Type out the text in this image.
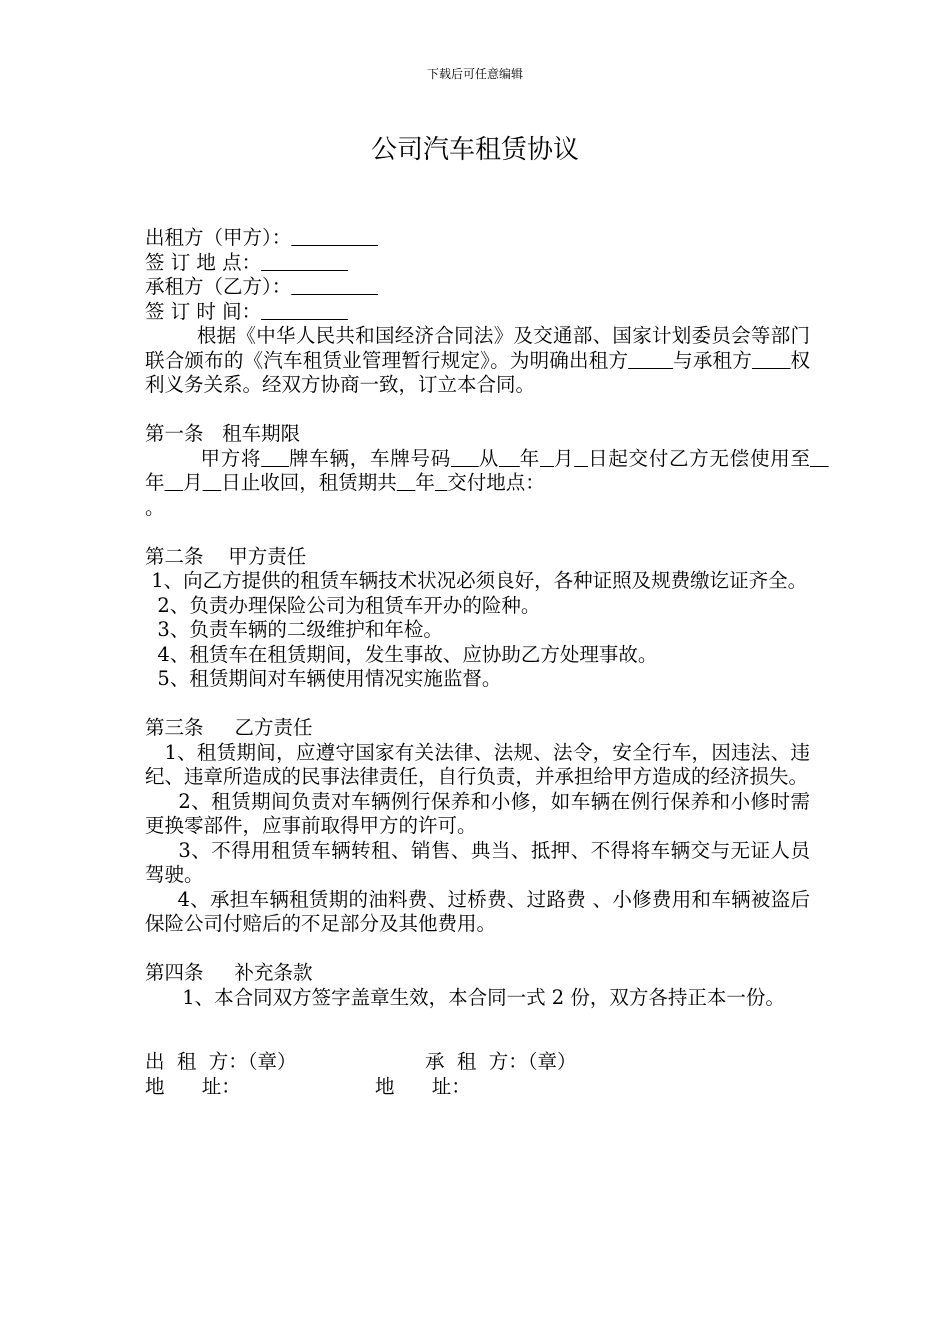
下载后可任意编辑
公司汽车租赁协议

出租方（甲方）：

签 订 地 点：

承租方（乙方）：

签 订 时 间：

根据《中华人民共和国经济合同法》及交通部、国家计划委员会等部门联合颁布的《汽车租赁业管理暂行规定》。为明确出租方 与承租方 权利义务关系。经双方协商一致，订立本合同。

第一条   租车期限

甲方将 牌车辆，车牌号码 从 年 月 日起交付乙方无偿使用至   年 月 日止收回，租赁期共 年 交付地点：
。

第二条    甲方责任

1、向乙方提供的租赁车辆技术状况必须良好，各种证照及规费缴讫证齐全。

2、负责办理保险公司为租赁车开办的险种。

3、负责车辆的二级维护和年检。

4、租赁车在租赁期间，发生事故、应协助乙方处理事故。

5、租赁期间对车辆使用情况实施监督。

第三条     乙方责任

1、租赁期间，应遵守国家有关法律、法规、法令，安全行车，因违法、违纪、违章所造成的民事法律责任，自行负责，并承担给甲方造成的经济损失。

2、租赁期间负责对车辆例行保养和小修，如车辆在例行保养和小修时需更换零部件，应事前取得甲方的许可。

3、不得用租赁车辆转租、销售、典当、抵押、不得将车辆交与无证人员驾驶。

4、承担车辆租赁期的油料费、过桥费、过路费 、小修费用和车辆被盗后保险公司付赔后的不足部分及其他费用。

第四条     补充条款

1、本合同双方签字盖章生效，本合同一式 2 份，双方各持正本一份。

出  租  方：（章）	承  租  方：（章）
地      址：	地      址：
